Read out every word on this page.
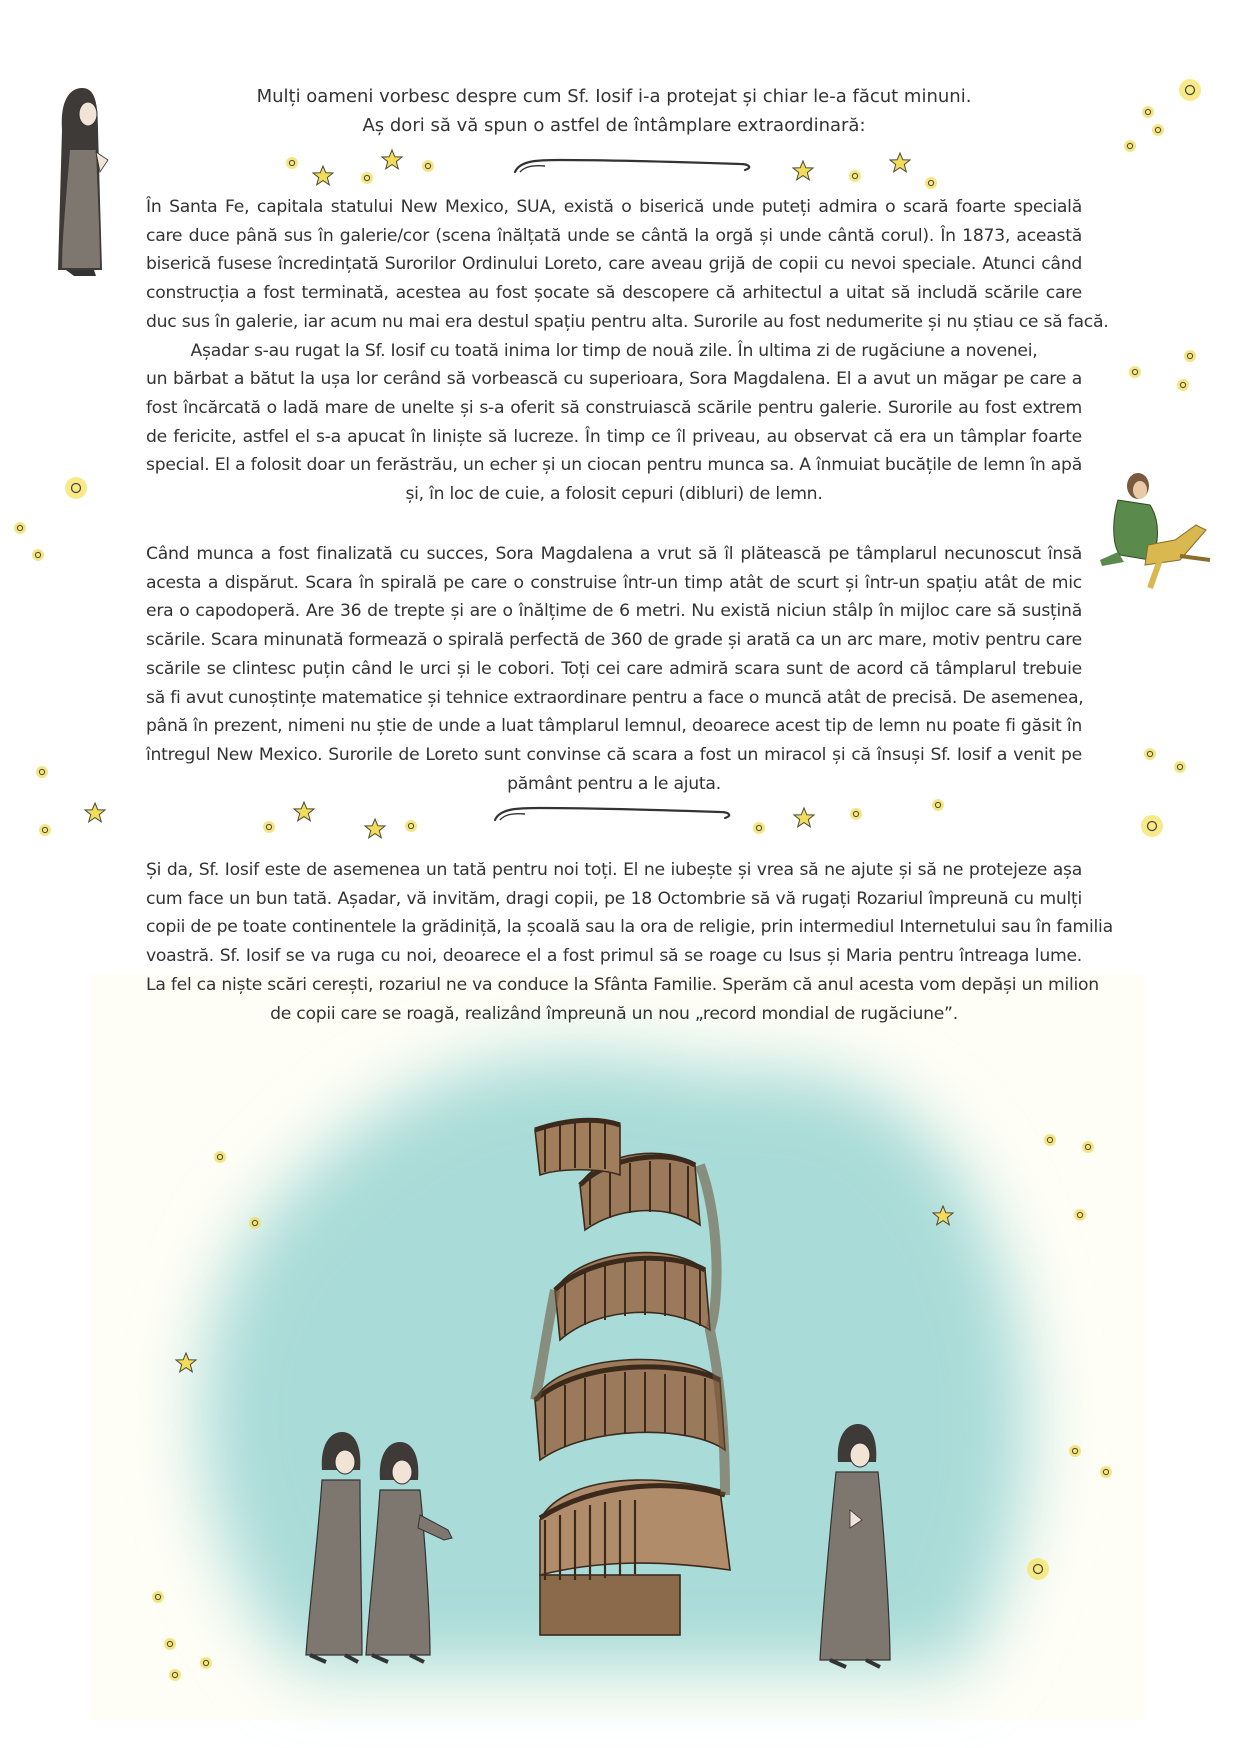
Mulți oameni vorbesc despre cum Sf. Iosif i-a protejat și chiar le-a făcut minuni.
Aș dori să vă spun o astfel de întâmplare extraordinară:
În Santa Fe, capitala statului New Mexico, SUA, există o biserică unde puteți admira o scară foarte specială
care duce până sus în galerie/cor (scena înălțată unde se cântă la orgă și unde cântă corul). În 1873, această
biserică fusese încredințată Surorilor Ordinului Loreto, care aveau grijă de copii cu nevoi speciale. Atunci când
construcția a fost terminată, acestea au fost șocate să descopere că arhitectul a uitat să includă scările care
duc sus în galerie, iar acum nu mai era destul spațiu pentru alta. Surorile au fost nedumerite și nu știau ce să facă.
Așadar s-au rugat la Sf. Iosif cu toată inima lor timp de nouă zile. În ultima zi de rugăciune a novenei,
un bărbat a bătut la ușa lor cerând să vorbească cu superioara, Sora Magdalena. El a avut un măgar pe care a
fost încărcată o ladă mare de unelte și s-a oferit să construiască scările pentru galerie. Surorile au fost extrem
de fericite, astfel el s-a apucat în liniște să lucreze. În timp ce îl priveau, au observat că era un tâmplar foarte
special. El a folosit doar un ferăstrău, un echer și un ciocan pentru munca sa. A înmuiat bucățile de lemn în apă
și, în loc de cuie, a folosit cepuri (dibluri) de lemn.
Când munca a fost finalizată cu succes, Sora Magdalena a vrut să îl plătească pe tâmplarul necunoscut însă
acesta a dispărut. Scara în spirală pe care o construise într-un timp atât de scurt și într-un spațiu atât de mic
era o capodoperă. Are 36 de trepte și are o înălțime de 6 metri. Nu există niciun stâlp în mijloc care să susțină
scările. Scara minunată formează o spirală perfectă de 360 de grade și arată ca un arc mare, motiv pentru care
scările se clintesc puțin când le urci și le cobori. Toți cei care admiră scara sunt de acord că tâmplarul trebuie
să fi avut cunoștințe matematice și tehnice extraordinare pentru a face o muncă atât de precisă. De asemenea,
până în prezent, nimeni nu știe de unde a luat tâmplarul lemnul, deoarece acest tip de lemn nu poate fi găsit în
întregul New Mexico. Surorile de Loreto sunt convinse că scara a fost un miracol și că însuși Sf. Iosif a venit pe
pământ pentru a le ajuta.
Și da, Sf. Iosif este de asemenea un tată pentru noi toți. El ne iubește și vrea să ne ajute și să ne protejeze așa
cum face un bun tată. Așadar, vă invităm, dragi copii, pe 18 Octombrie să vă rugați Rozariul împreună cu mulți
copii de pe toate continentele la grădiniță, la școală sau la ora de religie, prin intermediul Internetului sau în familia
voastră. Sf. Iosif se va ruga cu noi, deoarece el a fost primul să se roage cu Isus și Maria pentru întreaga lume.
La fel ca niște scări cerești, rozariul ne va conduce la Sfânta Familie. Sperăm că anul acesta vom depăși un milion
de copii care se roagă, realizând împreună un nou „record mondial de rugăciune”.
